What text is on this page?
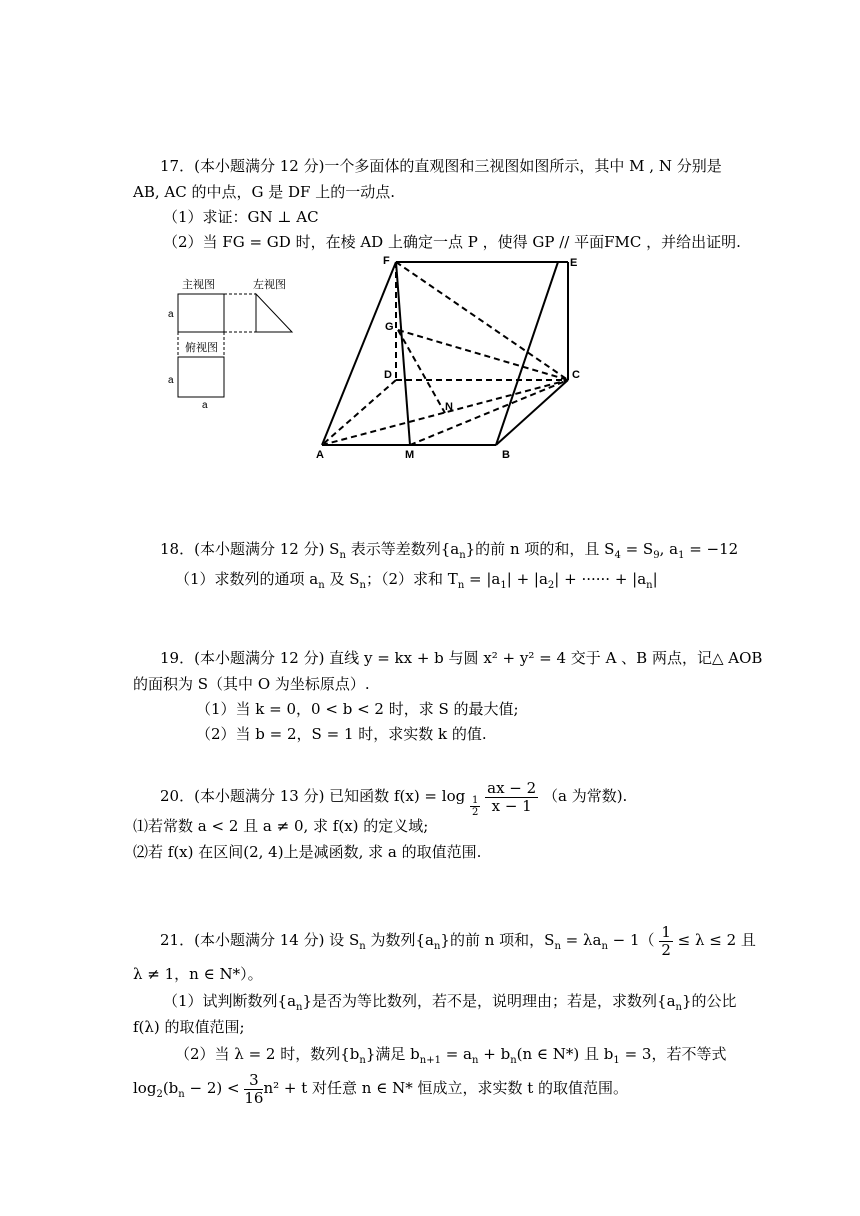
17．(本小题满分 12 分)一个多面体的直观图和三视图如图所示，其中 M , N 分别是
AB, AC 的中点，G 是 DF 上的一动点.
（1）求证：GN ⊥ AC
（2）当 FG = GD 时，在棱 AD 上确定一点 P ，使得 GP // 平面FMC ，并给出证明.
主视图	左视图
俯视图
a
a
a
F	E
G
D	C
N
A	M	B
18．(本小题满分 12 分) $S_n$ 表示等差数列$\{a_n\}$的前 n 项的和，且 $S_4 = S_9$, $a_1 = -12$
（1）求数列的通项 $a_n$ 及 $S_n$；（2）求和 $T_n = |a_1| + |a_2|$ + ······ + $|a_n|$
19．(本小题满分 12 分) 直线 y = kx + b 与圆 x² + y² = 4 交于 A 、B 两点，记△ AOB
的面积为 S（其中 O 为坐标原点）.
（1）当 k = 0，0 < b < 2 时，求 S 的最大值;
（2）当 b = 2，S = 1 时，求实数 k 的值.
20．(本小题满分 13 分) 已知函数 $f(x) = \log \frac{1}{2}$
$\frac{ax - 2}{x - 1} (a$ 为常数).
⑴若常数 a < 2 且 a ≠ 0, 求 f(x) 的定义域;
⑵若 f(x) 在区间(2, 4)上是减函数, 求 a 的取值范围.
21．(本小题满分 14 分) 设 $S_n$ 为数列$\{a_n\}$的前 n 项和，$S_n = \lambda a_n - 1( \frac{1}{2} \le \lambda \le 2$ 且
λ ≠ 1，n ∈ N*）。
（1）试判断数列$\{a_n\}$是否为等比数列，若不是，说明理由；若是，求数列$\{a_n\}$的公比
f(λ) 的取值范围;
（2）当 λ = 2 时，数列$\{b_n\}$满足 $b_{n+1} = a_n + b_n(n$ ∈ N*) 且 $b_1 = 3$，若不等式
$\log_2(b_n - 2) < \frac{3}{16} n^2 + t$ 对任意 n ∈ N* 恒成立，求实数 t 的取值范围。
